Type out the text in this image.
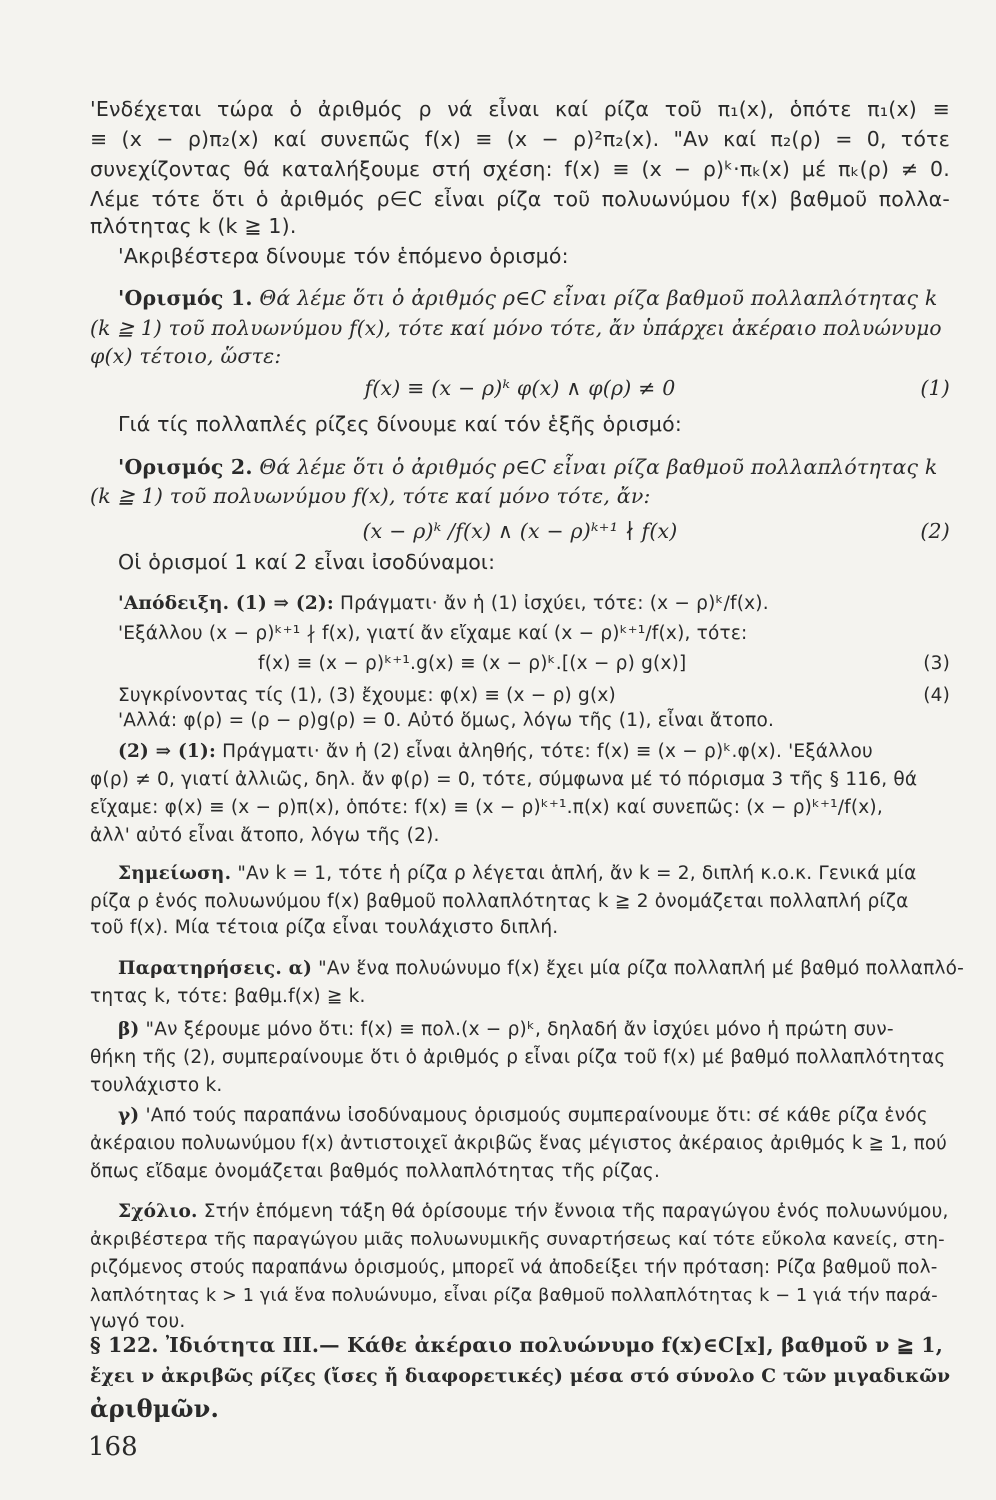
'Ενδέχεται τώρα ὁ ἀριθμός ρ νά εἶναι καί ρίζα τοῦ π₁(x), ὁπότε π₁(x) ≡
≡ (x − ρ)π₂(x) καί συνεπῶς f(x) ≡ (x − ρ)²π₂(x). "Αν καί π₂(ρ) = 0, τότε
συνεχίζοντας θά καταλήξουμε στή σχέση: f(x) ≡ (x − ρ)ᵏ·πₖ(x) μέ πₖ(ρ) ≠ 0.
Λέμε τότε ὅτι ὁ ἀριθμός ρ∈C εἶναι ρίζα τοῦ πολυωνύμου f(x) βαθμοῦ πολλα-
πλότητας k (k ≧ 1).
'Ακριβέστερα δίνουμε τόν ἑπόμενο ὁρισμό:
'Ορισμός 1. Θά λέμε ὅτι ὁ ἀριθμός ρ∈C εἶναι ρίζα βαθμοῦ πολλαπλότητας k
(k ≧ 1) τοῦ πολυωνύμου f(x), τότε καί μόνο τότε, ἄν ὑπάρχει ἀκέραιο πολυώνυμο
φ(x) τέτοιο, ὥστε:
f(x) ≡ (x − ρ)ᵏ φ(x) ∧ φ(ρ) ≠ 0	(1)
Γιά τίς πολλαπλές ρίζες δίνουμε καί τόν ἑξῆς ὁρισμό:
'Ορισμός 2. Θά λέμε ὅτι ὁ ἀριθμός ρ∈C εἶναι ρίζα βαθμοῦ πολλαπλότητας k
(k ≧ 1) τοῦ πολυωνύμου f(x), τότε καί μόνο τότε, ἄν:
(x − ρ)ᵏ /f(x) ∧ (x − ρ)ᵏ⁺¹ ∤ f(x)	(2)
Οἱ ὁρισμοί 1 καί 2 εἶναι ἰσοδύναμοι:
'Απόδειξη. (1) ⇒ (2): Πράγματι· ἄν ἡ (1) ἰσχύει, τότε: (x − ρ)ᵏ/f(x).
'Εξάλλου (x − ρ)ᵏ⁺¹ ∤ f(x), γιατί ἄν εἴχαμε καί (x − ρ)ᵏ⁺¹/f(x), τότε:
f(x) ≡ (x − ρ)ᵏ⁺¹.g(x) ≡ (x − ρ)ᵏ.[(x − ρ) g(x)]	(3)
Συγκρίνοντας τίς (1), (3) ἔχουμε: φ(x) ≡ (x − ρ) g(x)	(4)
'Αλλά: φ(ρ) = (ρ − ρ)g(ρ) = 0. Αὐτό ὅμως, λόγω τῆς (1), εἶναι ἄτοπο.
(2) ⇒ (1): Πράγματι· ἄν ἡ (2) εἶναι ἀληθής, τότε: f(x) ≡ (x − ρ)ᵏ.φ(x). 'Εξάλλου
φ(ρ) ≠ 0, γιατί ἀλλιῶς, δηλ. ἄν φ(ρ) = 0, τότε, σύμφωνα μέ τό πόρισμα 3 τῆς § 116, θά
εἴχαμε: φ(x) ≡ (x − ρ)π(x), ὁπότε: f(x) ≡ (x − ρ)ᵏ⁺¹.π(x) καί συνεπῶς: (x − ρ)ᵏ⁺¹/f(x),
ἀλλ' αὐτό εἶναι ἄτοπο, λόγω τῆς (2).
Σημείωση. "Αν k = 1, τότε ἡ ρίζα ρ λέγεται ἁπλή, ἄν k = 2, διπλή κ.ο.κ. Γενικά μία
ρίζα ρ ἑνός πολυωνύμου f(x) βαθμοῦ πολλαπλότητας k ≧ 2 ὀνομάζεται πολλαπλή ρίζα
τοῦ f(x). Μία τέτοια ρίζα εἶναι τουλάχιστο διπλή.
Παρατηρήσεις. α) "Αν ἕνα πολυώνυμο f(x) ἔχει μία ρίζα πολλαπλή μέ βαθμό πολλαπλό-
τητας k, τότε: βαθμ.f(x) ≧ k.
β) "Αν ξέρουμε μόνο ὅτι: f(x) ≡ πολ.(x − ρ)ᵏ, δηλαδή ἄν ἰσχύει μόνο ἡ πρώτη συν-
θήκη τῆς (2), συμπεραίνουμε ὅτι ὁ ἀριθμός ρ εἶναι ρίζα τοῦ f(x) μέ βαθμό πολλαπλότητας
τουλάχιστο k.
γ) 'Από τούς παραπάνω ἰσοδύναμους ὁρισμούς συμπεραίνουμε ὅτι: σέ κάθε ρίζα ἑνός
ἀκέραιου πολυωνύμου f(x) ἀντιστοιχεῖ ἀκριβῶς ἕνας μέγιστος ἀκέραιος ἀριθμός k ≧ 1, πού
ὅπως εἴδαμε ὀνομάζεται βαθμός πολλαπλότητας τῆς ρίζας.
Σχόλιο. Στήν ἑπόμενη τάξη θά ὁρίσουμε τήν ἔννοια τῆς παραγώγου ἑνός πολυωνύμου,
ἀκριβέστερα τῆς παραγώγου μιᾶς πολυωνυμικῆς συναρτήσεως καί τότε εὔκολα κανείς, στη-
ριζόμενος στούς παραπάνω ὁρισμούς, μπορεῖ νά ἀποδείξει τήν πρόταση: Ρίζα βαθμοῦ πολ-
λαπλότητας k > 1 γιά ἕνα πολυώνυμο, εἶναι ρίζα βαθμοῦ πολλαπλότητας k − 1 γιά τήν παρά-
γωγό του.
§ 122. Ἰδιότητα ΙΙΙ.— Κάθε ἀκέραιο πολυώνυμο f(x)∈C[x], βαθμοῦ ν ≧ 1,
ἔχει ν ἀκριβῶς ρίζες (ἴσες ἤ διαφορετικές) μέσα στό σύνολο C τῶν μιγαδικῶν
ἀριθμῶν.
168
